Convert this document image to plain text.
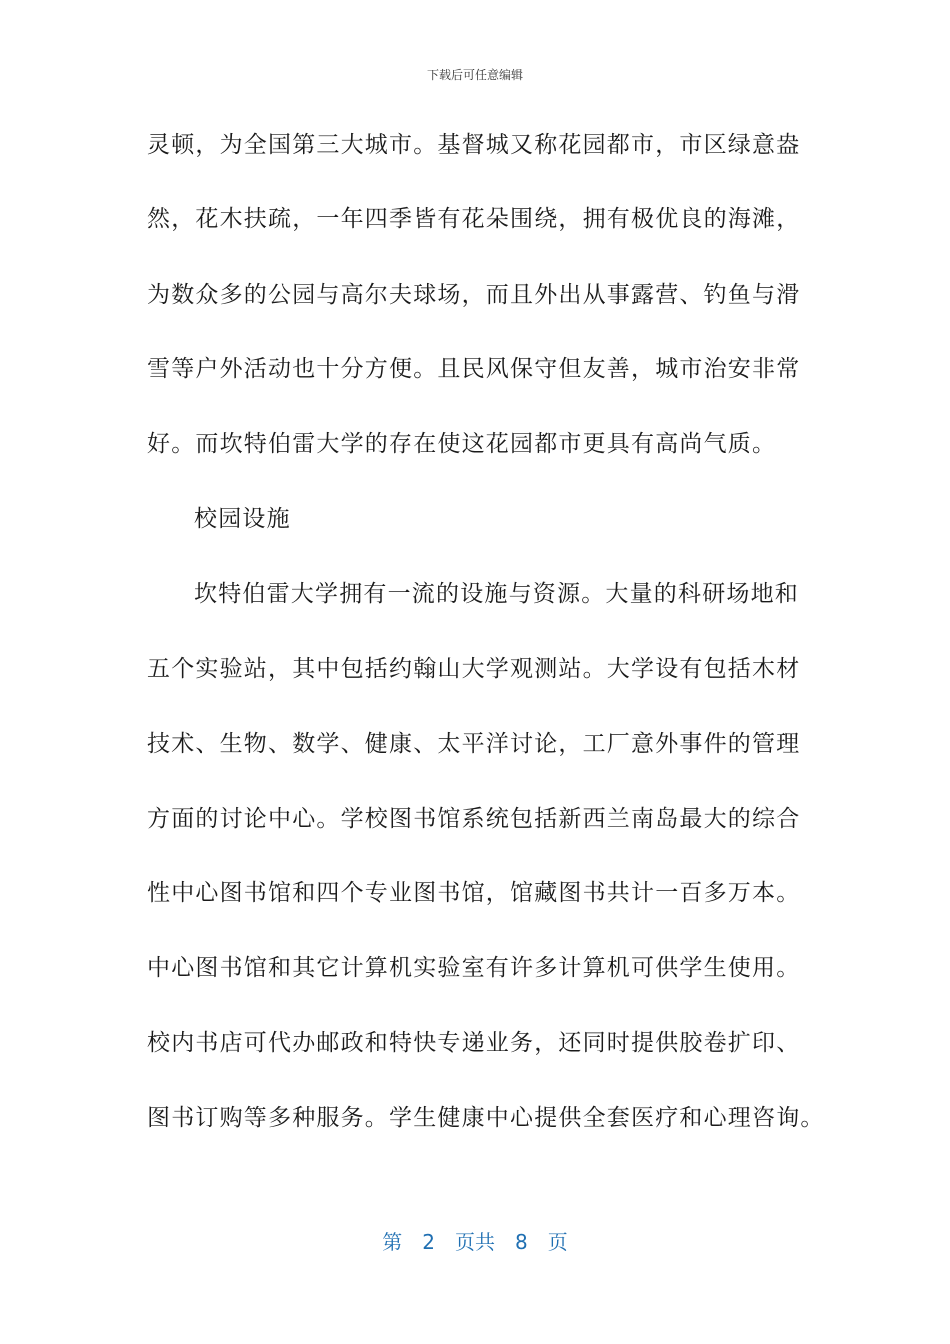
下载后可任意编辑
灵顿，为全国第三大城市。基督城又称花园都市，市区绿意盎
然，花木扶疏，一年四季皆有花朵围绕，拥有极优良的海滩，
为数众多的公园与高尔夫球场，而且外出从事露营、钓鱼与滑
雪等户外活动也十分方便。且民风保守但友善，城市治安非常
好。而坎特伯雷大学的存在使这花园都市更具有高尚气质。
校园设施
坎特伯雷大学拥有一流的设施与资源。大量的科研场地和
五个实验站，其中包括约翰山大学观测站。大学设有包括木材
技术、生物、数学、健康、太平洋讨论，工厂意外事件的管理
方面的讨论中心。学校图书馆系统包括新西兰南岛最大的综合
性中心图书馆和四个专业图书馆，馆藏图书共计一百多万本。
中心图书馆和其它计算机实验室有许多计算机可供学生使用。
校内书店可代办邮政和特快专递业务，还同时提供胶卷扩印、
图书订购等多种服务。学生健康中心提供全套医疗和心理咨询。
第 2 页共 8 页
